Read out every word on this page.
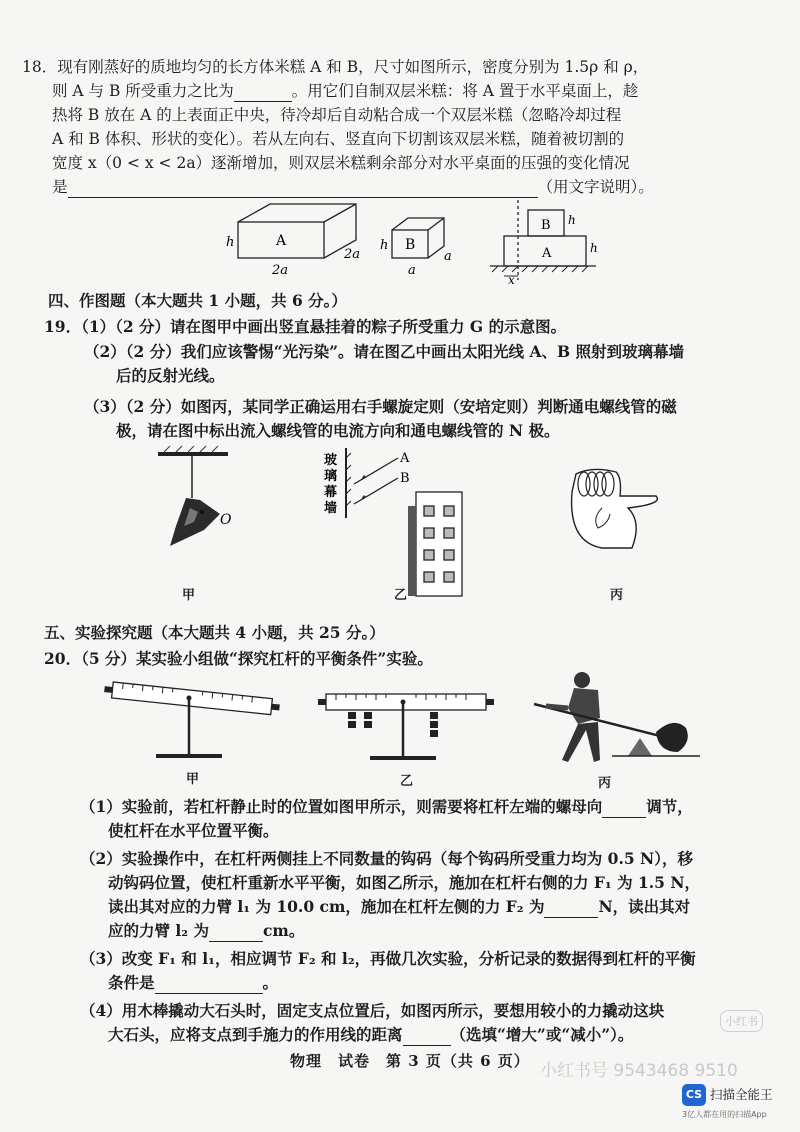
18．现有刚蒸好的质地均匀的长方体米糕 A 和 B，尺寸如图所示，密度分别为 1.5ρ 和 ρ，
则 A 与 B 所受重力之比为	。用它们自制双层米糕：将 A 置于水平桌面上，趁
热将 B 放在 A 的上表面正中央，待冷却后自动粘合成一个双层米糕（忽略冷却过程
A 和 B 体积、形状的变化）。若从左向右、竖直向下切割该双层米糕，随着被切割的
宽度 x（0 < x < 2a）逐渐增加，则双层米糕剩余部分对水平桌面的压强的变化情况
是	（用文字说明）。
A
h
2a
2a
B
h
a
a
B
A
h
h
x
四、作图题（本大题共 1 小题，共 6 分。）
19．（1）（2 分）请在图甲中画出竖直悬挂着的粽子所受重力 G 的示意图。
（2）（2 分）我们应该警惕“光污染”。请在图乙中画出太阳光线 A、B 照射到玻璃幕墙
后的反射光线。
（3）（2 分）如图丙，某同学正确运用右手螺旋定则（安培定则）判断通电螺线管的磁
极，请在图中标出流入螺线管的电流方向和通电螺线管的 N 极。
O
玻
璃
幕
墙
A
B
甲	乙	丙
五、实验探究题（本大题共 4 小题，共 25 分。）
20．（5 分）某实验小组做“探究杠杆的平衡条件”实验。
甲	乙	丙
（1）实验前，若杠杆静止时的位置如图甲所示，则需要将杠杆左端的螺母向	调节，
使杠杆在水平位置平衡。
（2）实验操作中，在杠杆两侧挂上不同数量的钩码（每个钩码所受重力均为 0.5 N），移
动钩码位置，使杠杆重新水平平衡，如图乙所示，施加在杠杆右侧的力 F₁ 为 1.5 N，
读出其对应的力臂 l₁ 为 10.0 cm，施加在杠杆左侧的力 F₂ 为	N，读出其对
应的力臂 l₂ 为	cm。
（3）改变 F₁ 和 l₁，相应调节 F₂ 和 l₂，再做几次实验，分析记录的数据得到杠杆的平衡
条件是	。
（4）用木棒撬动大石头时，固定支点位置后，如图丙所示，要想用较小的力撬动这块
大石头，应将支点到手施力的作用线的距离	（选填“增大”或“减小”）。
物理　试卷　第 3 页（共 6 页）
小红书
小红书号 9543468 9510
CS 扫描全能王
3亿人都在用的扫描App
